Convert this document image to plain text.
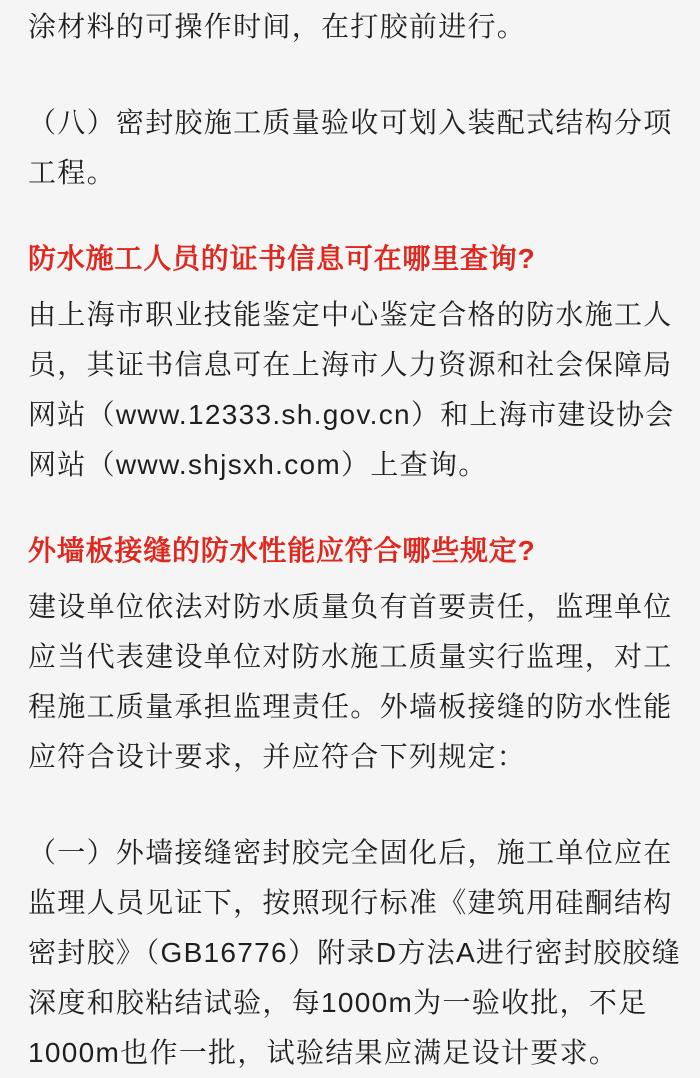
涂材料的可操作时间，在打胶前进行。

（八）密封胶施工质量验收可划入装配式结构分项
工程。

防水施工人员的证书信息可在哪里查询?

由上海市职业技能鉴定中心鉴定合格的防水施工人
员，其证书信息可在上海市人力资源和社会保障局
网站（www.12333.sh.gov.cn）和上海市建设协会
网站（www.shjsxh.com）上查询。

外墙板接缝的防水性能应符合哪些规定?

建设单位依法对防水质量负有首要责任，监理单位
应当代表建设单位对防水施工质量实行监理，对工
程施工质量承担监理责任。外墙板接缝的防水性能
应符合设计要求，并应符合下列规定：

（一）外墙接缝密封胶完全固化后，施工单位应在
监理人员见证下，按照现行标准《建筑用硅酮结构
密封胶》（GB16776）附录D方法A进行密封胶胶缝
深度和胶粘结试验，每1000m为一验收批，不足
1000m也作一批，试验结果应满足设计要求。
